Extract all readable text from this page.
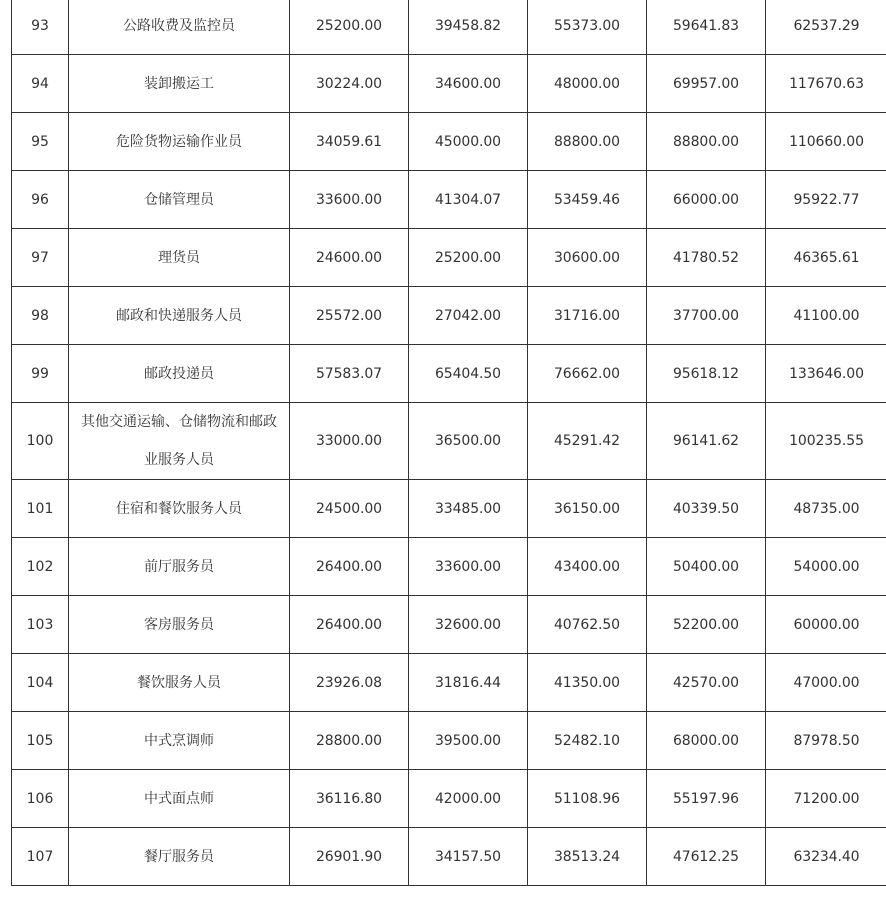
93	公路收费及监控员	25200.00	39458.82	55373.00	59641.83	62537.29
94	装卸搬运工	30224.00	34600.00	48000.00	69957.00	117670.63
95	危险货物运输作业员	34059.61	45000.00	88800.00	88800.00	110660.00
96	仓储管理员	33600.00	41304.07	53459.46	66000.00	95922.77
97	理货员	24600.00	25200.00	30600.00	41780.52	46365.61
98	邮政和快递服务人员	25572.00	27042.00	31716.00	37700.00	41100.00
99	邮政投递员	57583.07	65404.50	76662.00	95618.12	133646.00
100	其他交通运输、仓储物流和邮政业服务人员	33000.00	36500.00	45291.42	96141.62	100235.55
101	住宿和餐饮服务人员	24500.00	33485.00	36150.00	40339.50	48735.00
102	前厅服务员	26400.00	33600.00	43400.00	50400.00	54000.00
103	客房服务员	26400.00	32600.00	40762.50	52200.00	60000.00
104	餐饮服务人员	23926.08	31816.44	41350.00	42570.00	47000.00
105	中式烹调师	28800.00	39500.00	52482.10	68000.00	87978.50
106	中式面点师	36116.80	42000.00	51108.96	55197.96	71200.00
107	餐厅服务员	26901.90	34157.50	38513.24	47612.25	63234.40
